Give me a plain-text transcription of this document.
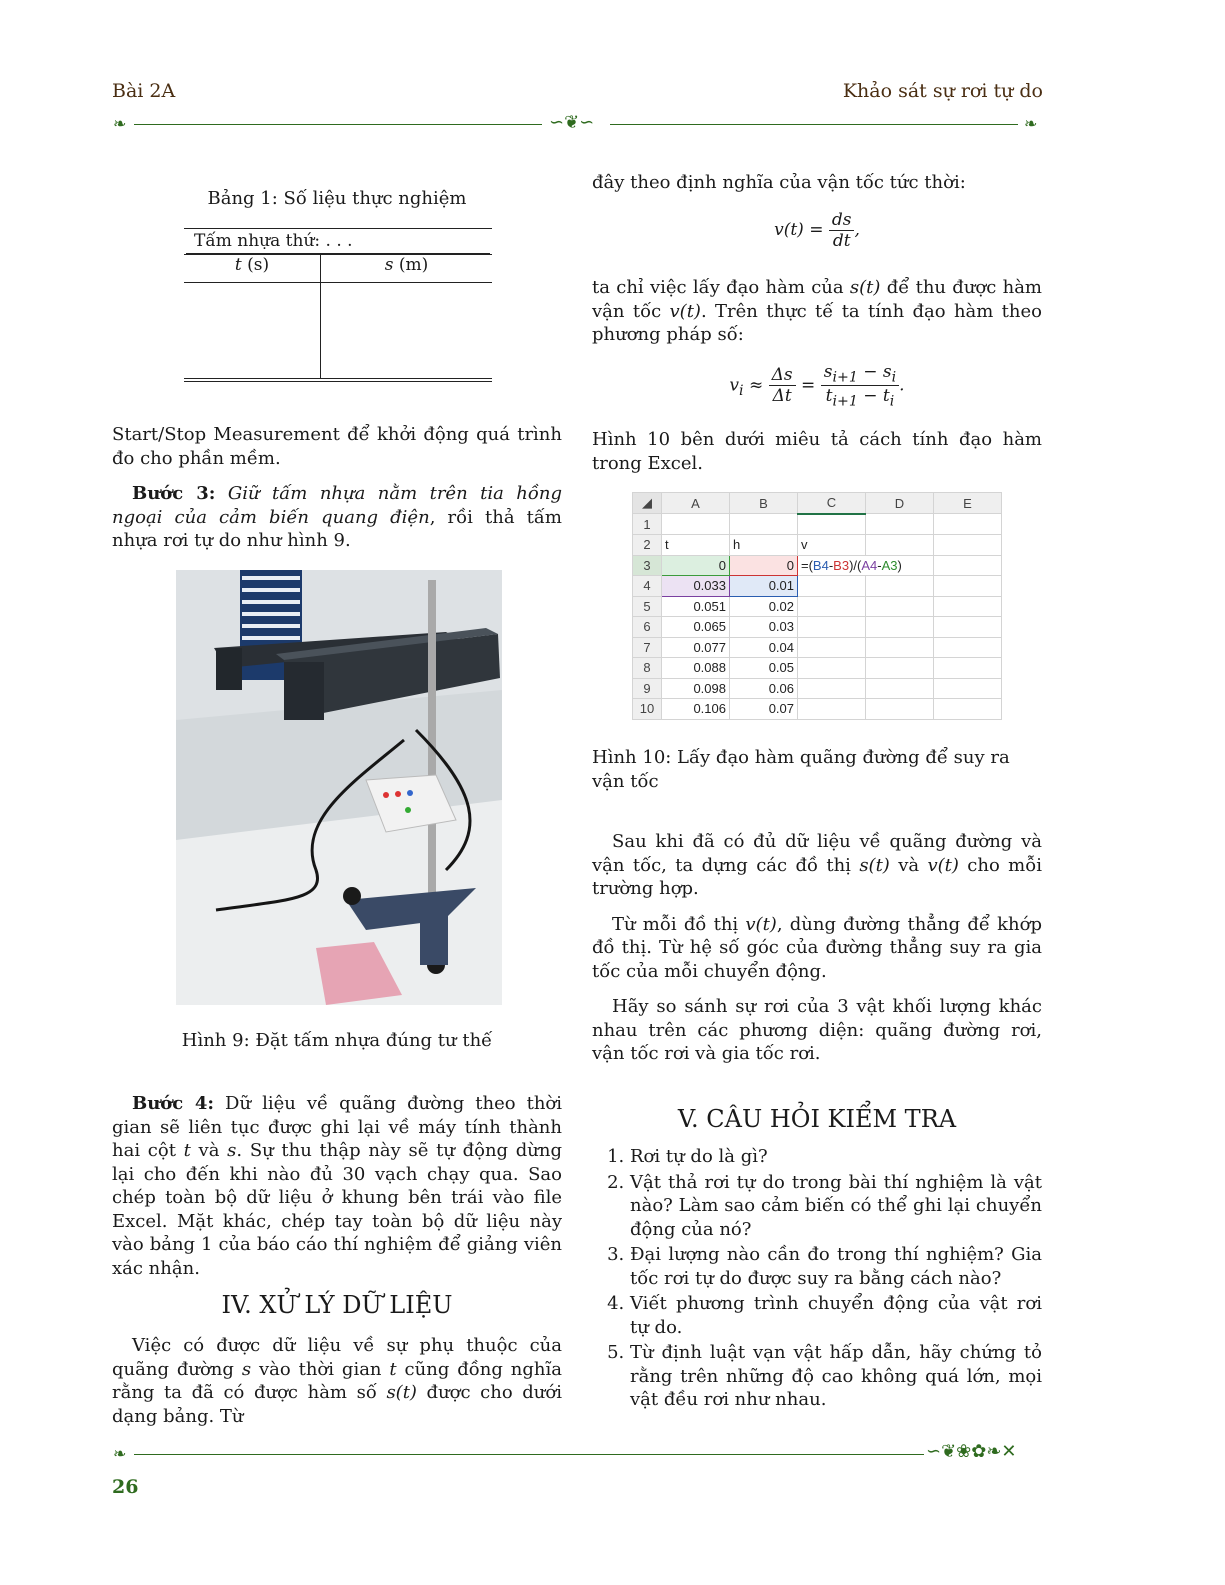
Bài 2A	Khảo sát sự rơi tự do
❧	∽❦∽	❧
Bảng 1: Số liệu thực nghiệm
Tấm nhựa thứ: . . .
t (s)	s (m)

Start/Stop Measurement để khởi động quá trình đo cho phần mềm.

Bước 3: Giữ tấm nhựa nằm trên tia hồng ngoại của cảm biến quang điện, rồi thả tấm nhựa rơi tự do như hình 9.

Hình 9: Đặt tấm nhựa đúng tư thế

Bước 4: Dữ liệu về quãng đường theo thời gian sẽ liên tục được ghi lại về máy tính thành hai cột t và s. Sự thu thập này sẽ tự động dừng lại cho đến khi nào đủ 30 vạch chạy qua. Sao chép toàn bộ dữ liệu ở khung bên trái vào file Excel. Mặt khác, chép tay toàn bộ dữ liệu này vào bảng 1 của báo cáo thí nghiệm để giảng viên xác nhận.

IV. XỬ LÝ DỮ LIỆU

Việc có được dữ liệu về sự phụ thuộc của quãng đường s vào thời gian t cũng đồng nghĩa rằng ta đã có được hàm số s(t) được cho dưới dạng bảng. Từ

đây theo định nghĩa của vận tốc tức thời:

$v(t) = \frac{ds}{dt}$ ,

ta chỉ việc lấy đạo hàm của s(t) để thu được hàm vận tốc v(t). Trên thực tế ta tính đạo hàm theo phương pháp số:

$v_i \approx \frac{\Delta s}{\Delta t} = \frac{s_{i+1} - s_i}{t_{i+1} - t_i}$ .

Hình 10 bên dưới miêu tả cách tính đạo hàm trong Excel.

◢	A	B	C	D	E
1					
2	t	h	v		
3	0	0	=(B4-B3)/(A4-A3)		
4	0.033	0.01			
5	0.051	0.02			
6	0.065	0.03			
7	0.077	0.04			
8	0.088	0.05			
9	0.098	0.06			
10	0.106	0.07			

Hình 10: Lấy đạo hàm quãng đường để suy ra vận tốc

Sau khi đã có đủ dữ liệu về quãng đường và vận tốc, ta dựng các đồ thị s(t) và v(t) cho mỗi trường hợp.

Từ mỗi đồ thị v(t), dùng đường thẳng để khớp đồ thị. Từ hệ số góc của đường thẳng suy ra gia tốc của mỗi chuyển động.

Hãy so sánh sự rơi của 3 vật khối lượng khác nhau trên các phương diện: quãng đường rơi, vận tốc rơi và gia tốc rơi.

V. CÂU HỎI KIỂM TRA
1. Rơi tự do là gì?
2. Vật thả rơi tự do trong bài thí nghiệm là vật nào? Làm sao cảm biến có thể ghi lại chuyển động của nó?
3. Đại lượng nào cần đo trong thí nghiệm? Gia tốc rơi tự do được suy ra bằng cách nào?
4. Viết phương trình chuyển động của vật rơi tự do.
5. Từ định luật vạn vật hấp dẫn, hãy chứng tỏ rằng trên những độ cao không quá lớn, mọi vật đều rơi như nhau.
❧	∽❦❀✿❧✕
26
